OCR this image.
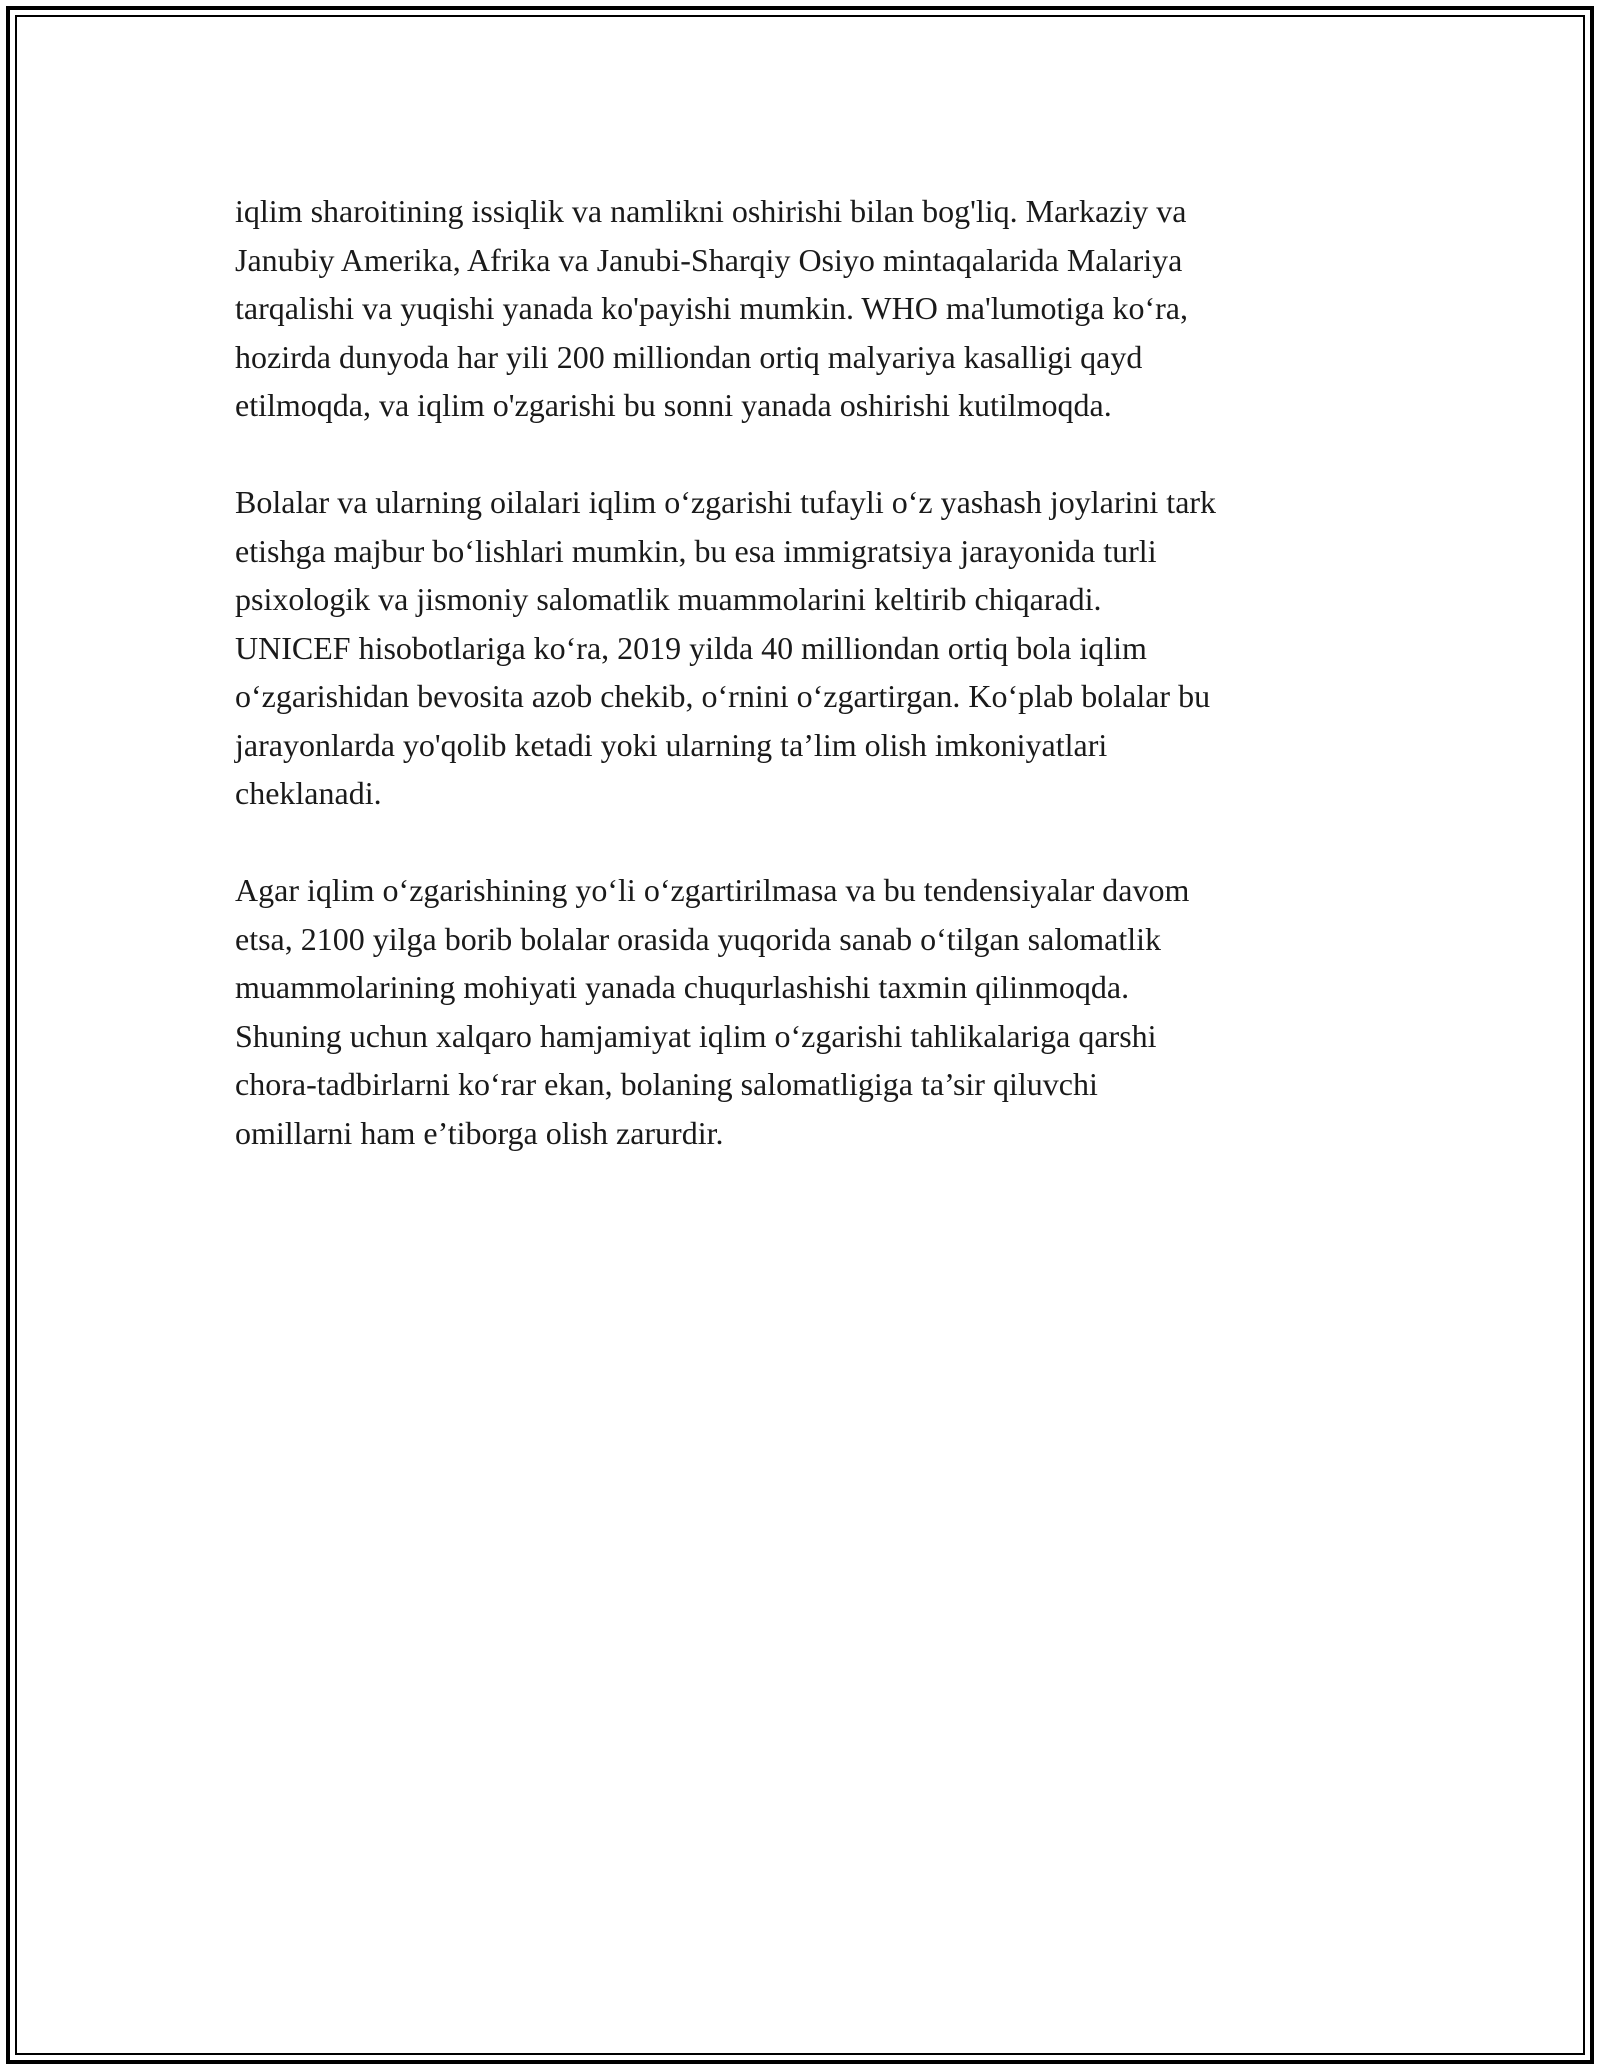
iqlim sharoitining issiqlik va namlikni oshirishi bilan bog'liq. Markaziy va
Janubiy Amerika, Afrika va Janubi-Sharqiy Osiyo mintaqalarida Malariya
tarqalishi va yuqishi yanada ko'payishi mumkin. WHO ma'lumotiga ko‘ra,
hozirda dunyoda har yili 200 milliondan ortiq malyariya kasalligi qayd
etilmoqda, va iqlim o'zgarishi bu sonni yanada oshirishi kutilmoqda.

Bolalar va ularning oilalari iqlim o‘zgarishi tufayli o‘z yashash joylarini tark
etishga majbur bo‘lishlari mumkin, bu esa immigratsiya jarayonida turli
psixologik va jismoniy salomatlik muammolarini keltirib chiqaradi.
UNICEF hisobotlariga ko‘ra, 2019 yilda 40 milliondan ortiq bola iqlim
o‘zgarishidan bevosita azob chekib, o‘rnini o‘zgartirgan. Ko‘plab bolalar bu
jarayonlarda yo'qolib ketadi yoki ularning ta’lim olish imkoniyatlari
cheklanadi.

Agar iqlim o‘zgarishining yo‘li o‘zgartirilmasa va bu tendensiyalar davom
etsa, 2100 yilga borib bolalar orasida yuqorida sanab o‘tilgan salomatlik
muammolarining mohiyati yanada chuqurlashishi taxmin qilinmoqda.
Shuning uchun xalqaro hamjamiyat iqlim o‘zgarishi tahlikalariga qarshi
chora-tadbirlarni ko‘rar ekan, bolaning salomatligiga ta’sir qiluvchi
omillarni ham e’tiborga olish zarurdir.
